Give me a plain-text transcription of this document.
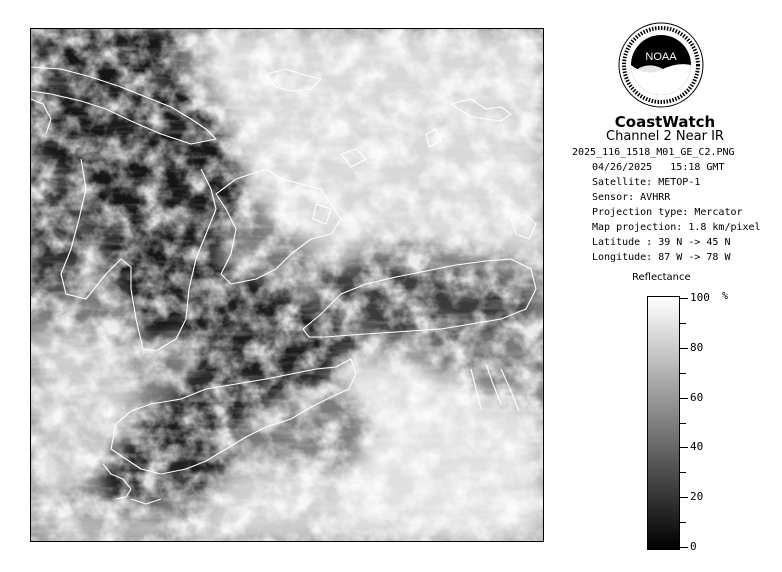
NOAA
CoastWatch
Channel 2 Near IR
2025_116_1518_M01_GE_C2.PNG
04/26/2025 15:18 GMT
Satellite: METOP-1
Sensor: AVHRR
Projection type: Mercator
Map projection: 1.8 km/pixel
Latitude : 39 N -> 45 N
Longitude: 87 W -> 78 W
Reflectance
%
100
80
60
40
20
0
